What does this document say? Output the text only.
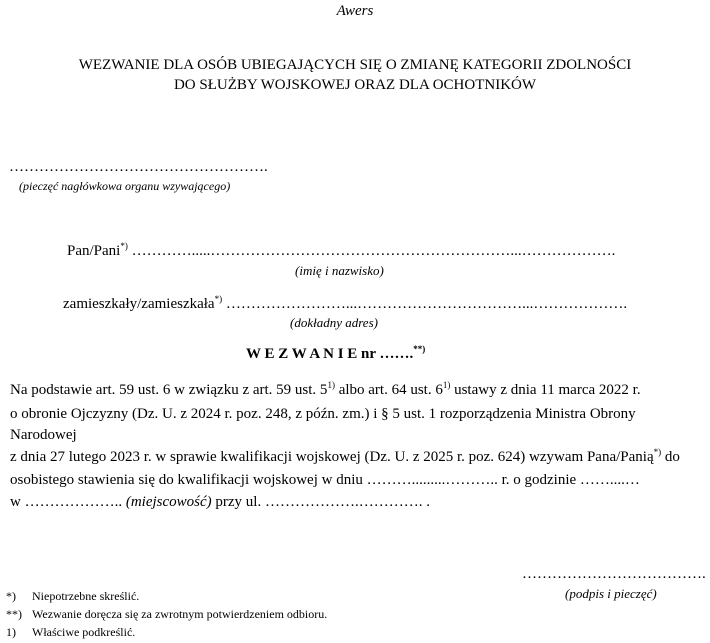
Awers
WEZWANIE DLA OSÓB UBIEGAJĄCYCH SIĘ O ZMIANĘ KATEGORII ZDOLNOŚCI
DO SŁUŻBY WOJSKOWEJ ORAZ DLA OCHOTNIKÓW
…………………………………………….
(pieczęć nagłówkowa organu wzywającego)
Pan/Pani*) ………….....……………………………………………………...……………….
(imię i nazwisko)
zamieszkały/zamieszkała*) ……………………...……………………………...……………….
(dokładny adres)
W E Z W A N I E nr …….**)
Na podstawie art. 59 ust. 6 w związku z art. 59 ust. 5$^{1)}$ albo art. 64 ust. 6$^{1)}$ ustawy z dnia 11 marca 2022 r.
o obronie Ojczyzny (Dz. U. z 2024 r. poz. 248, z późn. zm.) i § 5 ust. 1 rozporządzenia Ministra Obrony
Narodowej
z dnia 27 lutego 2023 r. w sprawie kwalifikacji wojskowej (Dz. U. z 2025 r. poz. 624) wzywam Pana/Panią*) do
osobistego stawienia się do kwalifikacji wojskowej w dniu ……….........……….. r. o godzinie ……....…
w ……………….. (miejscowość) przy ul. ……………….…………. .
……………………………….
(podpis i pieczęć)
*) Niepotrzebne skreślić.
**) Wezwanie doręcza się za zwrotnym potwierdzeniem odbioru.
1) Właściwe podkreślić.
